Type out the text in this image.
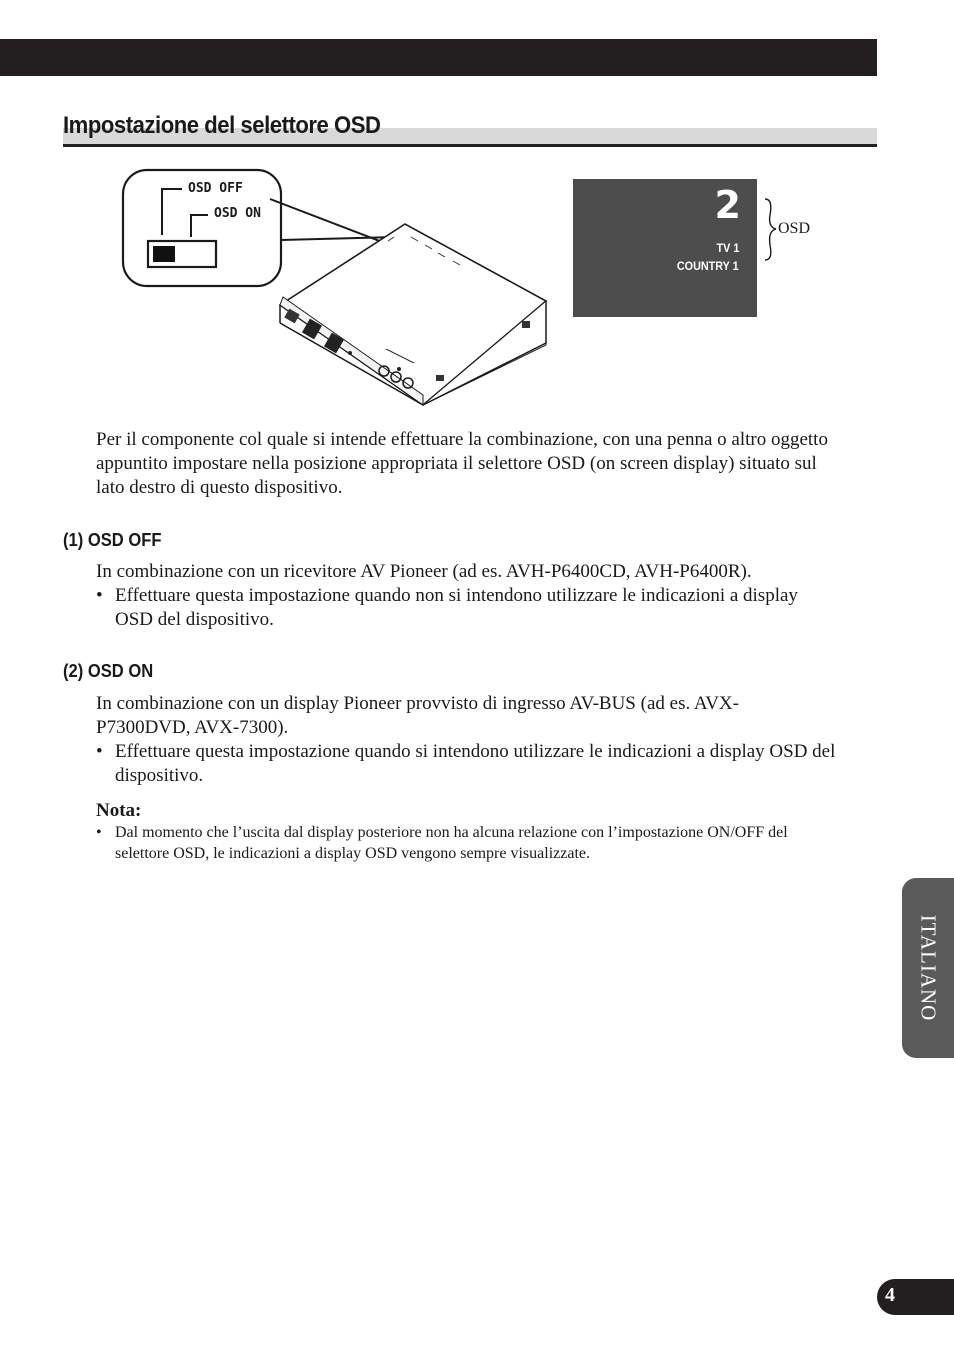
Impostazione del selettore OSD
OSD OFF
OSD ON	2
TV 1
COUNTRY 1
OSD

Per il componente col quale si intende effettuare la combinazione, con una penna o altro oggetto appuntito impostare nella posizione appropriata il selettore OSD (on screen display) situato sul lato destro di questo dispositivo.

(1) OSD OFF

In combinazione con un ricevitore AV Pioneer (ad es. AVH-P6400CD, AVH-P6400R).

• Effettuare questa impostazione quando non si intendono utilizzare le indicazioni a display OSD del dispositivo.
(2) OSD ON

In combinazione con un display Pioneer provvisto di ingresso AV-BUS (ad es. AVX-P7300DVD, AVX-7300).

• Effettuare questa impostazione quando si intendono utilizzare le indicazioni a display OSD del dispositivo.

Nota:

• Dal momento che l’uscita dal display posteriore non ha alcuna relazione con l’impostazione ON/OFF del selettore OSD, le indicazioni a display OSD vengono sempre visualizzate.
ITALIANO
4
